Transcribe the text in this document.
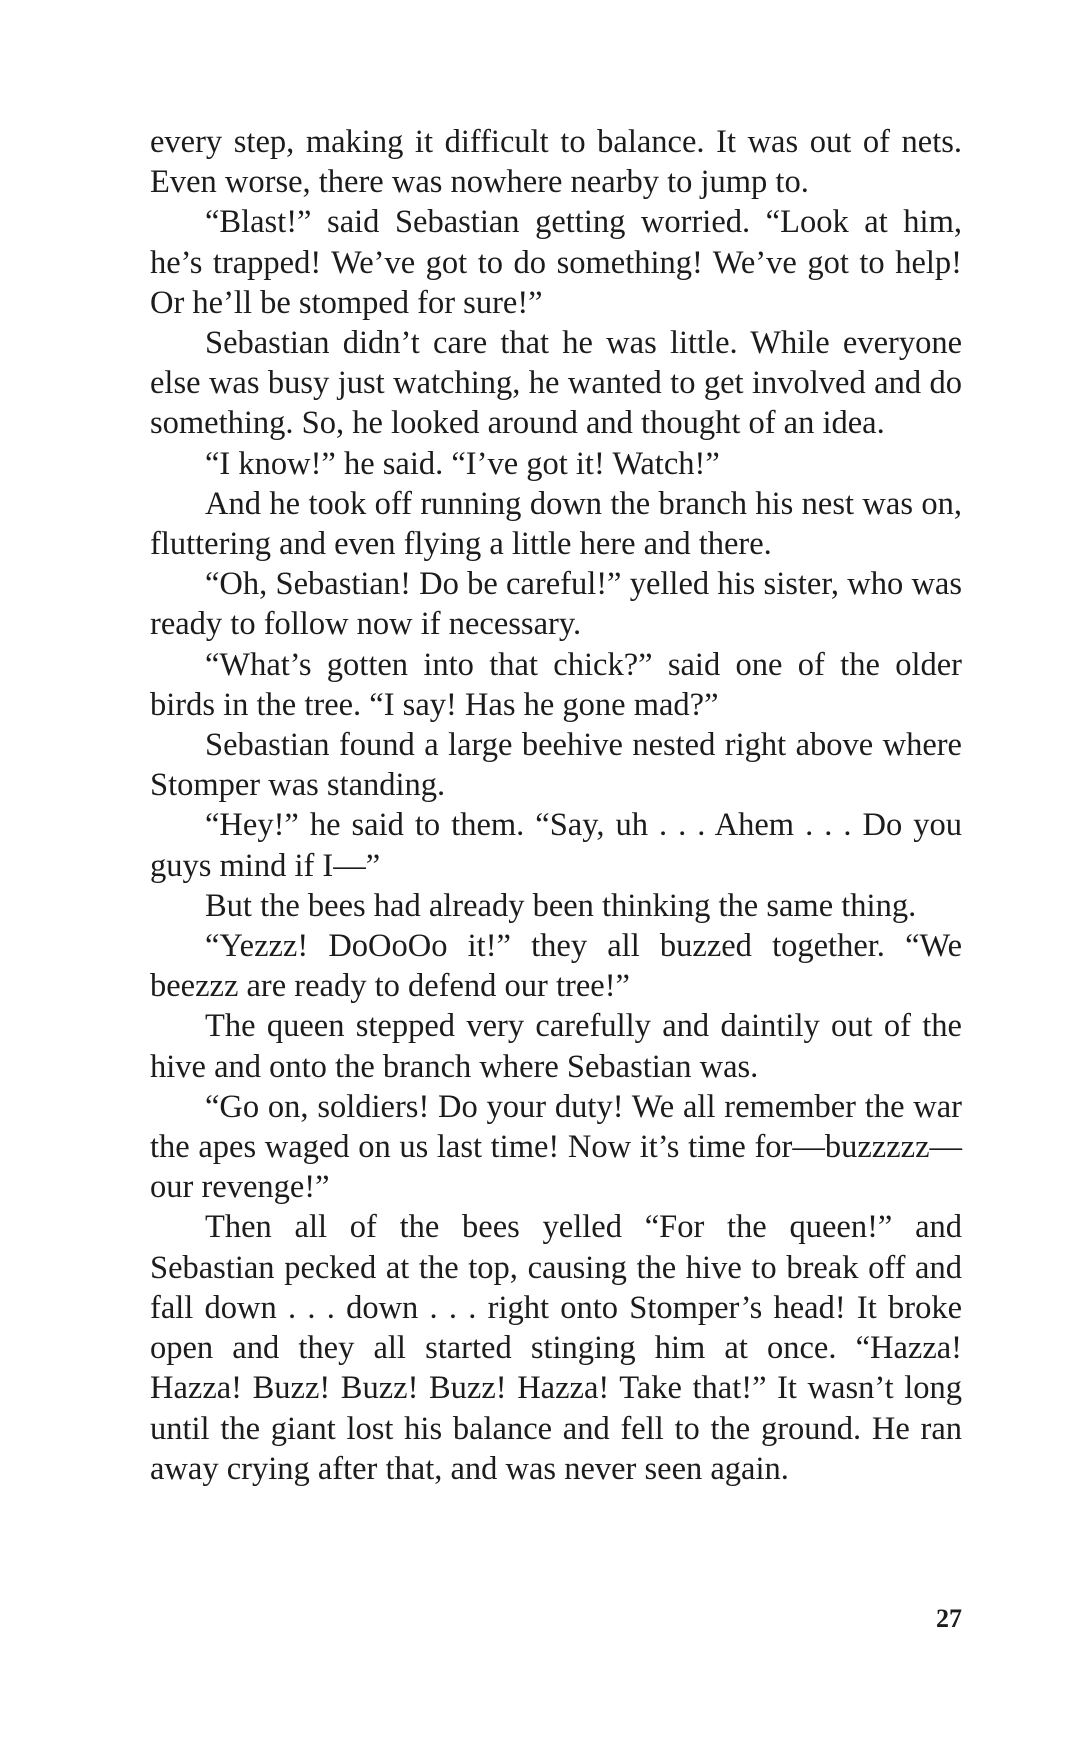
every step, making it difficult to balance. It was out of nets. Even worse, there was nowhere nearby to jump to.

“Blast!” said Sebastian getting worried. “Look at him, he’s trapped! We’ve got to do something! We’ve got to help! Or he’ll be stomped for sure!”

Sebastian didn’t care that he was little. While everyone else was busy just watching, he wanted to get involved and do something. So, he looked around and thought of an idea.

“I know!” he said. “I’ve got it! Watch!”

And he took off running down the branch his nest was on, fluttering and even flying a little here and there.

“Oh, Sebastian! Do be careful!” yelled his sister, who was ready to follow now if necessary.

“What’s gotten into that chick?” said one of the older birds in the tree. “I say! Has he gone mad?”

Sebastian found a large beehive nested right above where Stomper was standing.

“Hey!” he said to them. “Say, uh . . . Ahem . . . Do you guys mind if I—”

But the bees had already been thinking the same thing.

“Yezzz! DoOoOo it!” they all buzzed together. “We beezzz are ready to defend our tree!”

The queen stepped very carefully and daintily out of the hive and onto the branch where Sebastian was.

“Go on, soldiers! Do your duty! We all remember the war the apes waged on us last time! Now it’s time for—buzzzzz—our revenge!”

Then all of the bees yelled “For the queen!” and Sebastian pecked at the top, causing the hive to break off and fall down . . . down . . . right onto Stomper’s head! It broke open and they all started stinging him at once. “Hazza! Hazza! Buzz! Buzz! Buzz! Hazza! Take that!” It wasn’t long until the giant lost his balance and fell to the ground. He ran away crying after that, and was never seen again.

27
